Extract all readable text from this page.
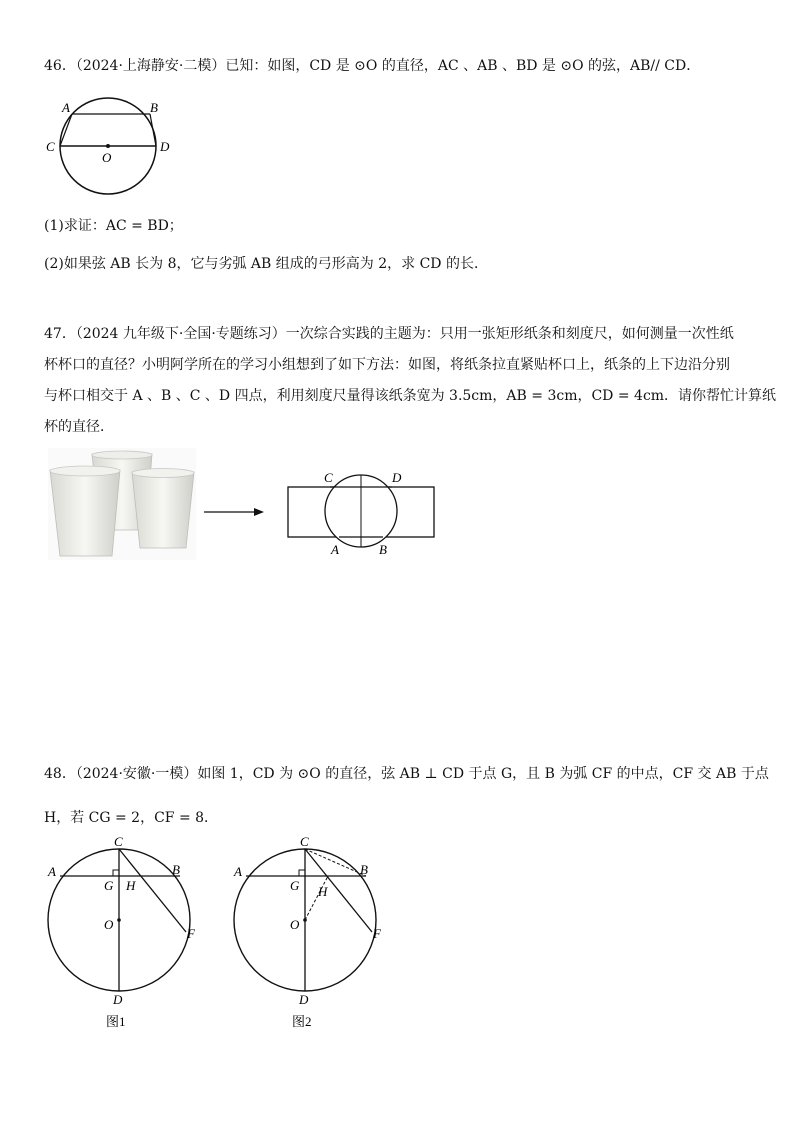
46．（2024·上海静安·二模）已知：如图，CD 是 ⊙O 的直径，AC 、AB 、BD 是 ⊙O 的弦，AB// CD．
A	B
C	D
O
(1)求证：AC = BD；
(2)如果弦 AB 长为 8，它与劣弧 AB 组成的弓形高为 2，求 CD 的长．
47．（2024 九年级下·全国·专题练习）一次综合实践的主题为：只用一张矩形纸条和刻度尺，如何测量一次性纸
杯杯口的直径？小明阿学所在的学习小组想到了如下方法：如图，将纸条拉直紧贴杯口上，纸条的上下边沿分别
与杯口相交于 A 、B 、C 、D 四点，利用刻度尺量得该纸条宽为 3.5cm，AB = 3cm，CD = 4cm．请你帮忙计算纸
杯的直径．
C	D
A	B
48．（2024·安徽·一模）如图 1，CD 为 ⊙O 的直径，弦 AB ⊥ CD 于点 G，且 B 为弧 CF 的中点，CF 交 AB 于点
H，若 CG = 2，CF = 8．
C
A	B
G H
O
F
D
图1
C
A	B
G H
O
F
D
图2
